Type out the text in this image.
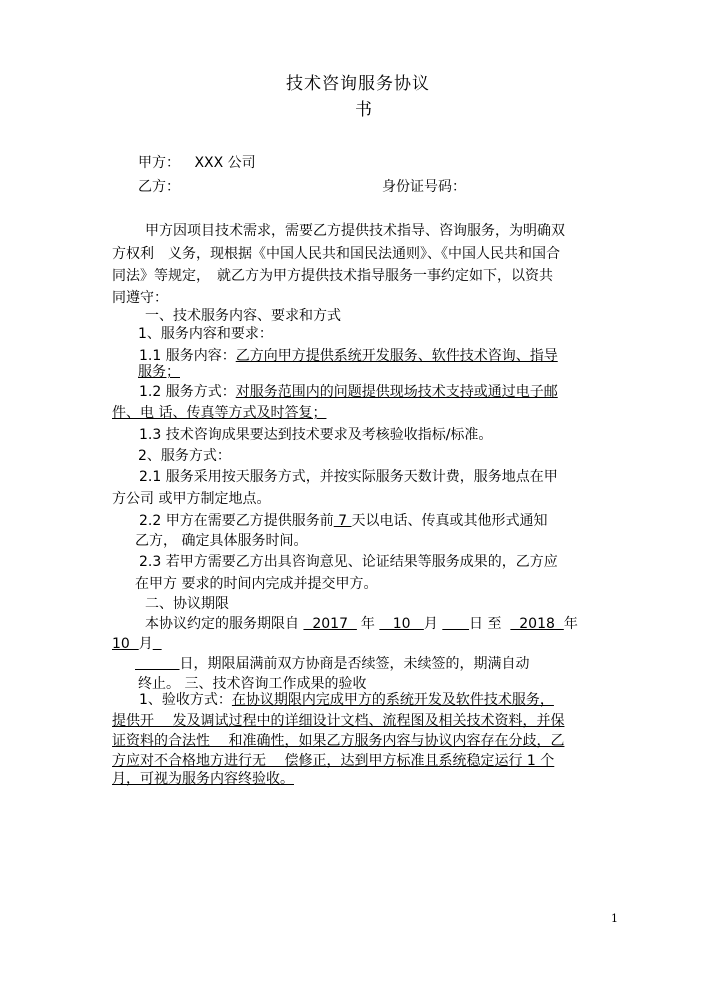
技术咨询服务协议
书
甲方： XXX 公司
乙方：	身份证号码：
甲方因项目技术需求，需要乙方提供技术指导、咨询服务，为明确双
方权利　义务，现根据《中国人民共和国民法通则》、《中国人民共和国合
同法》等规定，　就乙方为甲方提供技术指导服务一事约定如下，以资共
同遵守：
一、技术服务内容、要求和方式
1、服务内容和要求：
1.1 服务内容：乙方向甲方提供系统开发服务、软件技术咨询、指导
服务；
1.2 服务方式：对服务范围内的问题提供现场技术支持或通过电子邮
件、电 话、传真等方式及时答复；
1.3 技术咨询成果要达到技术要求及考核验收指标/标准。
2、服务方式：
2.1 服务采用按天服务方式，并按实际服务天数计费，服务地点在甲
方公司 或甲方制定地点。
2.2 甲方在需要乙方提供服务前 7 天以电话、传真或其他形式通知
乙方， 确定具体服务时间。
2.3 若甲方需要乙方出具咨询意见、论证结果等服务成果的，乙方应
在甲方 要求的时间内完成并提交甲方。
二、协议期限
本协议约定的服务期限自   2017  年    10   月 日 至    2018  年
10  月
日，期限届满前双方协商是否续签，未续签的，期满自动
终止。 三、技术咨询工作成果的验收
1、验收方式：在协议期限内完成甲方的系统开发及软件技术服务，
提供开　 发及调试过程中的详细设计文档、流程图及相关技术资料，并保
证资料的合法性　 和准确性，如果乙方服务内容与协议内容存在分歧，乙
方应对不合格地方进行无　 偿修正，达到甲方标准且系统稳定运行 1 个
月，可视为服务内容终验收。
1
